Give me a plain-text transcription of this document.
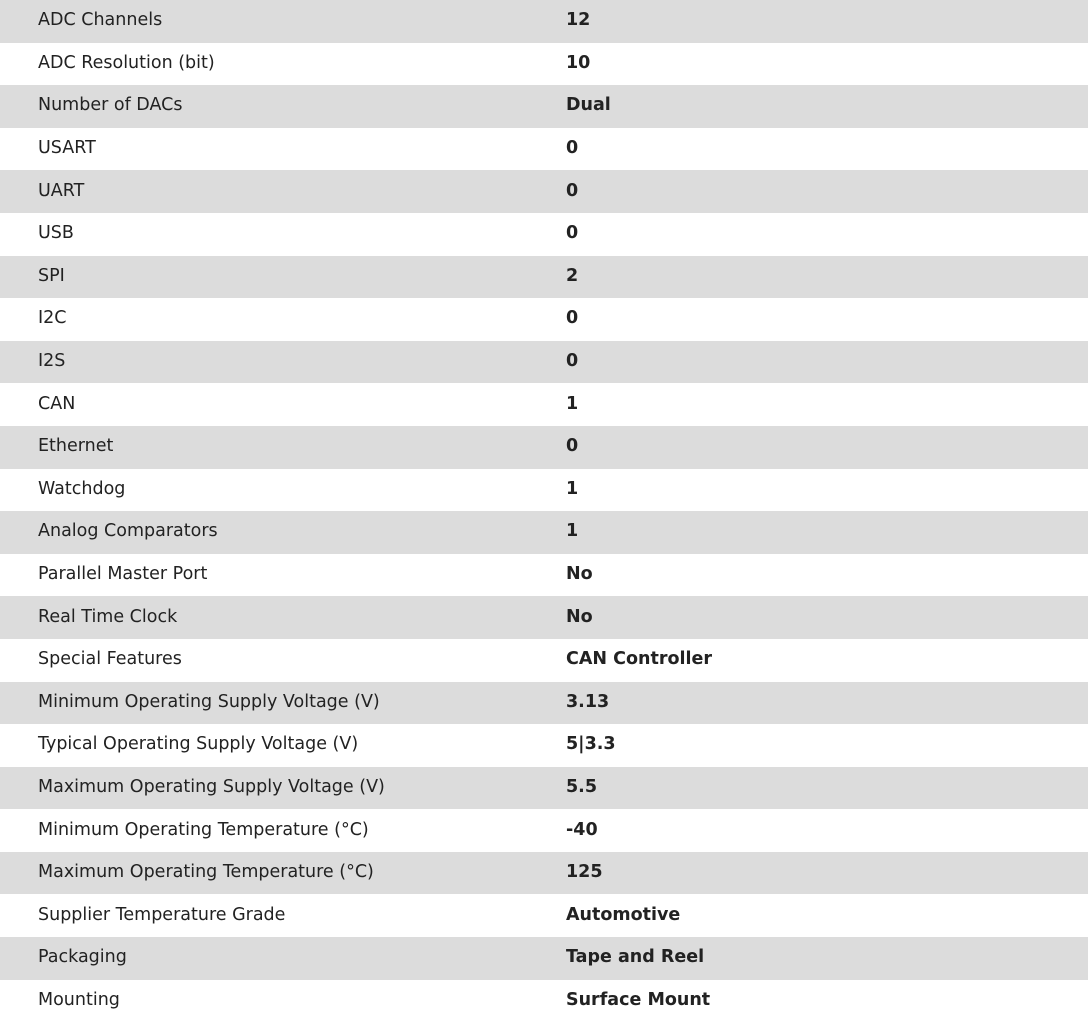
ADC Channels	12
ADC Resolution (bit)	10
Number of DACs	Dual
USART	0
UART	0
USB	0
SPI	2
I2C	0
I2S	0
CAN	1
Ethernet	0
Watchdog	1
Analog Comparators	1
Parallel Master Port	No
Real Time Clock	No
Special Features	CAN Controller
Minimum Operating Supply Voltage (V)	3.13
Typical Operating Supply Voltage (V)	5|3.3
Maximum Operating Supply Voltage (V)	5.5
Minimum Operating Temperature (°C)	-40
Maximum Operating Temperature (°C)	125
Supplier Temperature Grade	Automotive
Packaging	Tape and Reel
Mounting	Surface Mount
